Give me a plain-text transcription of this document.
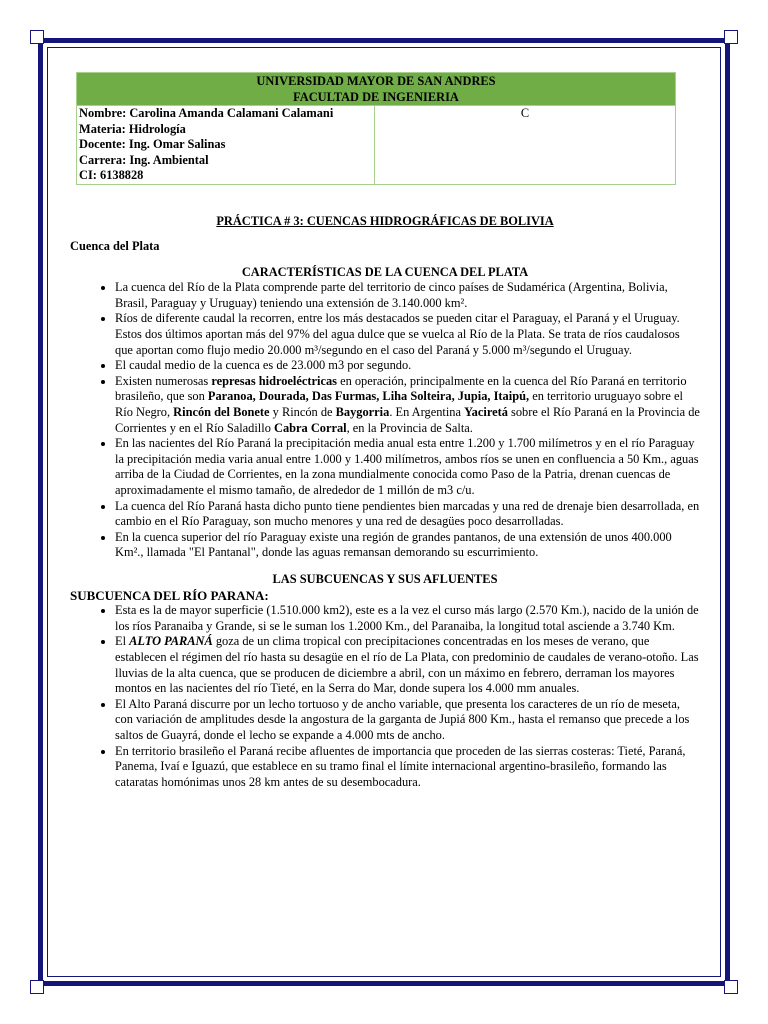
UNIVERSIDAD MAYOR DE SAN ANDRES
FACULTAD DE INGENIERIA

Nombre: Carolina Amanda Calamani Calamani
Materia: Hidrología
Docente: Ing. Omar Salinas
Carrera: Ing. Ambiental
CI: 6138828
	C
PRÁCTICA # 3: CUENCAS HIDROGRÁFICAS DE BOLIVIA
Cuenca del Plata
CARACTERÍSTICAS DE LA CUENCA DEL PLATA
• La cuenca del Río de la Plata comprende parte del territorio de cinco países de Sudamérica (Argentina, Bolivia, Brasil, Paraguay y Uruguay) teniendo una extensión de 3.140.000 km².
• Ríos de diferente caudal la recorren, entre los más destacados se pueden citar el Paraguay, el Paraná y el Uruguay. Estos dos últimos aportan más del 97% del agua dulce que se vuelca al Río de la Plata. Se trata de ríos caudalosos que aportan como flujo medio 20.000 m³/segundo en el caso del Paraná y 5.000 m³/segundo el Uruguay.
• El caudal medio de la cuenca es de 23.000 m3 por segundo.
• Existen numerosas represas hidroeléctricas en operación, principalmente en la cuenca del Río Paraná en territorio brasileño, que son Paranoa, Dourada, Das Furmas, Liha Solteira, Jupia, Itaipú, en territorio uruguayo sobre el Río Negro, Rincón del Bonete y Rincón de Baygorria. En Argentina Yaciretá sobre el Río Paraná en la Provincia de Corrientes y en el Río Saladillo Cabra Corral, en la Provincia de Salta.
• En las nacientes del Río Paraná la precipitación media anual esta entre 1.200 y 1.700 milímetros y en el río Paraguay la precipitación media varia anual entre 1.000 y 1.400 milímetros, ambos ríos se unen en confluencia a 50 Km., aguas arriba de la Ciudad de Corrientes, en la zona mundialmente conocida como Paso de la Patria, drenan cuencas de aproximadamente el mismo tamaño, de alrededor de 1 millón de m3 c/u.
• La cuenca del Río Paraná hasta dicho punto tiene pendientes bien marcadas y una red de drenaje bien desarrollada, en cambio en el Río Paraguay, son mucho menores y una red de desagües poco desarrolladas.
• En la cuenca superior del río Paraguay existe una región de grandes pantanos, de una extensión de unos 400.000 Km²., llamada "El Pantanal", donde las aguas remansan demorando su escurrimiento.
LAS SUBCUENCAS Y SUS AFLUENTES
SUBCUENCA DEL RÍO PARANA:
• Esta es la de mayor superficie (1.510.000 km2), este es a la vez el curso más largo (2.570 Km.), nacido de la unión de los ríos Paranaiba y Grande, si se le suman los 1.2000 Km., del Paranaiba, la longitud total asciende a 3.740 Km.
• El ALTO PARANÁ goza de un clima tropical con precipitaciones concentradas en los meses de verano, que establecen el régimen del río hasta su desagüe en el río de La Plata, con predominio de caudales de verano-otoño. Las lluvias de la alta cuenca, que se producen de diciembre a abril, con un máximo en febrero, derraman los mayores montos en las nacientes del río Tieté, en la Serra do Mar, donde supera los 4.000 mm anuales.
• El Alto Paraná discurre por un lecho tortuoso y de ancho variable, que presenta los caracteres de un río de meseta, con variación de amplitudes desde la angostura de la garganta de Jupiá 800 Km., hasta el remanso que precede a los saltos de Guayrá, donde el lecho se expande a 4.000 mts de ancho.
• En territorio brasileño el Paraná recibe afluentes de importancia que proceden de las sierras costeras: Tieté, Paraná, Panema, Ivaí e Iguazú, que establece en su tramo final el límite internacional argentino-brasileño, formando las cataratas homónimas unos 28 km antes de su desembocadura.
